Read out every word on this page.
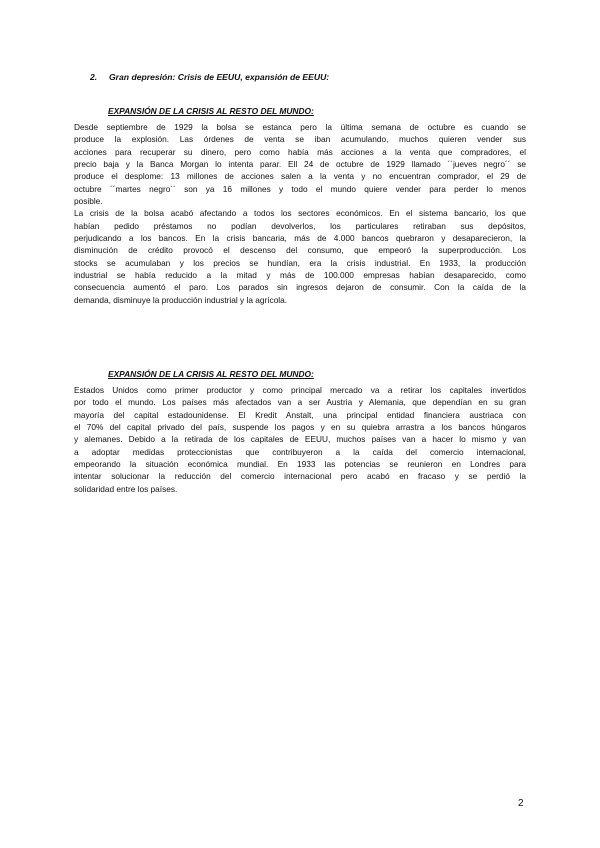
2. Gran depresión: Crisis de EEUU, expansión de EEUU:
EXPANSIÓN DE LA CRISIS AL RESTO DEL MUNDO:
Desde septiembre de 1929 la bolsa se estanca pero la última semana de octubre es cuando se
produce la explosión. Las órdenes de venta se iban acumulando, muchos quieren vender sus
acciones para recuperar su dinero, pero como había más acciones a la venta que compradores, el
precio baja y la Banca Morgan lo intenta parar. Ell 24 de octubre de 1929 llamado ´´jueves negro´´ se
produce el desplome: 13 millones de acciones salen a la venta y no encuentran comprador, el 29 de
octubre ´´martes negro´´ son ya 16 millones y todo el mundo quiere vender para perder lo menos
posible.
La crisis de la bolsa acabó afectando a todos los sectores económicos. En el sistema bancario, los que
habían pedido préstamos no podían devolverlos, los particulares retiraban sus depósitos,
perjudicando a los bancos. En la crisis bancaria, más de 4.000 bancos quebraron y desaparecieron, la
disminución de crédito provocó el descenso del consumo, que empeoró la superproducción. Los
stocks se acumulaban y los precios se hundían, era la crisis industrial. En 1933, la producción
industrial se había reducido a la mitad y más de 100.000 empresas habían desaparecido, como
consecuencia aumentó el paro. Los parados sin ingresos dejaron de consumir. Con la caída de la
demanda, disminuye la producción industrial y la agrícola.
EXPANSIÓN DE LA CRISIS AL RESTO DEL MUNDO:
Estados Unidos como primer productor y como principal mercado va a retirar los capitales invertidos
por todo el mundo. Los países más afectados van a ser Austria y Alemania, que dependían en su gran
mayoría del capital estadounidense. El Kredit Anstalt, una principal entidad financiera austriaca con
el 70% del capital privado del país, suspende los pagos y en su quiebra arrastra a los bancos húngaros
y alemanes. Debido a la retirada de los capitales de EEUU, muchos países van a hacer lo mismo y van
a adoptar medidas proteccionistas que contribuyeron a la caída del comercio internacional,
empeorando la situación económica mundial. En 1933 las potencias se reunieron en Londres para
intentar solucionar la reducción del comercio internacional pero acabó en fracaso y se perdió la
solidaridad entre los países.
2
